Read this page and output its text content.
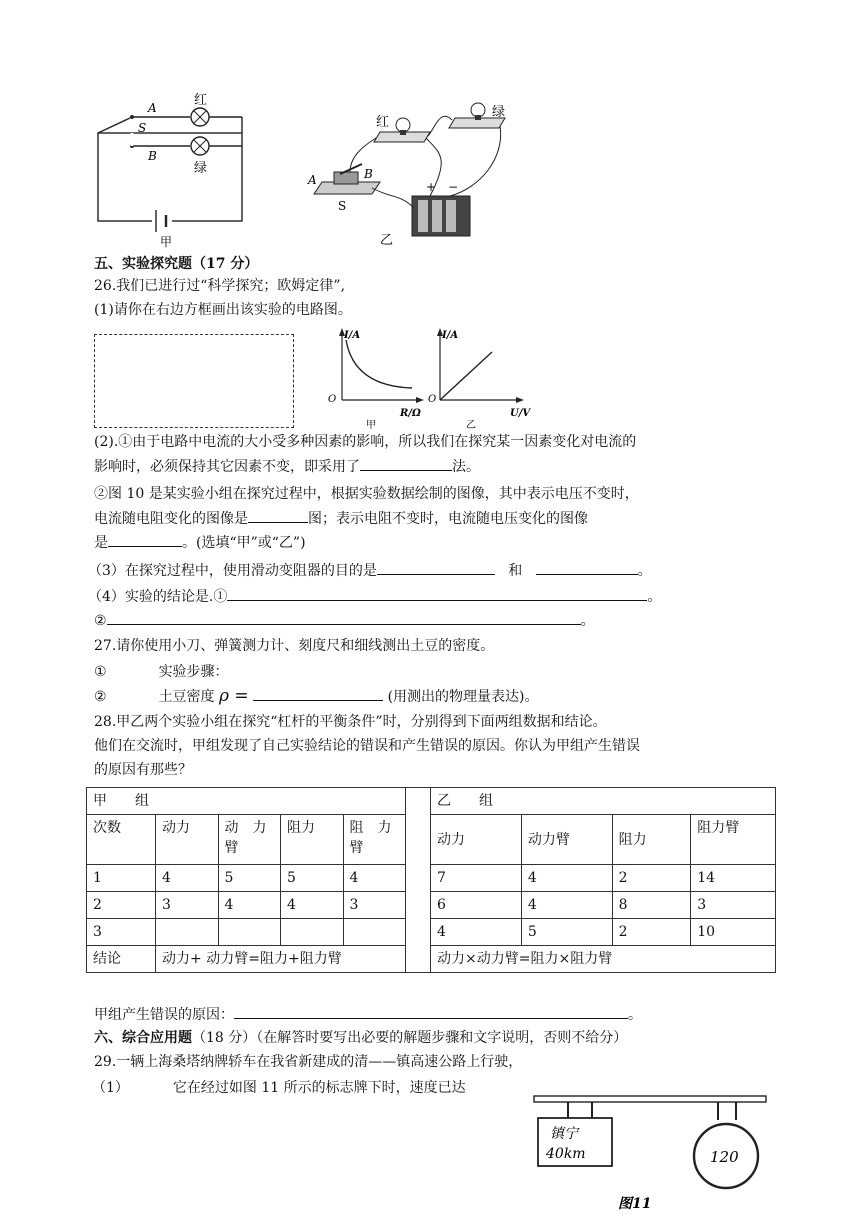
A
B
S
红
绿
甲
+ −
A	B
S
红
绿
乙
五、实验探究题（17 分）
26.我们已进行过“科学探究；欧姆定律”,
(1)请你在右边方框画出该实验的电路图。
I/A
R/Ω
O
甲
I/A
U/V
O
乙
(2).①由于电路中电流的大小受多种因素的影响，所以我们在探究某一因素变化对电流的
影响时，必须保持其它因素不变，即采用了	法。
②图 10 是某实验小组在探究过程中，根据实验数据绘制的图像，其中表示电压不变时，
电流随电阻变化的图像是	图；表示电阻不变时，电流随电压变化的图像
是	。(选填“甲”或“乙”)
（3）在探究过程中，使用滑动变阻器的目的是	和	。
（4）实验的结论是.①	。
②	。
27.请你使用小刀、弹簧测力计、刻度尺和细线测出土豆的密度。
①	实验步骤：
②	土豆密度 ρ =	(用测出的物理量表达)。
28.甲乙两个实验小组在探究“杠杆的平衡条件”时，分别得到下面两组数据和结论。
他们在交流时，甲组发现了自己实验结论的错误和产生错误的原因。你认为甲组产生错误
的原因有那些？
甲　　组				
次数	动力	动　力臂	阻力	阻　力臂
1	4	5	5	4
2	3	4	4	3
3				
结论	动力+ 动力臂=阻力+阻力臂			
乙　　组			
动力	动力臂	阻力	阻力臂
7	4	2	14
6	4	8	3
4	5	2	10
动力×动力臂=阻力×阻力臂			
甲组产生错误的原因：	。
六、综合应用题（18 分）（在解答时要写出必要的解题步骤和文字说明，否则不给分）
29.一辆上海桑塔纳牌轿车在我省新建成的清——镇高速公路上行驶，
（1）	它在经过如图 11 所示的标志牌下时，速度已达
镇宁
40km	120
图11
